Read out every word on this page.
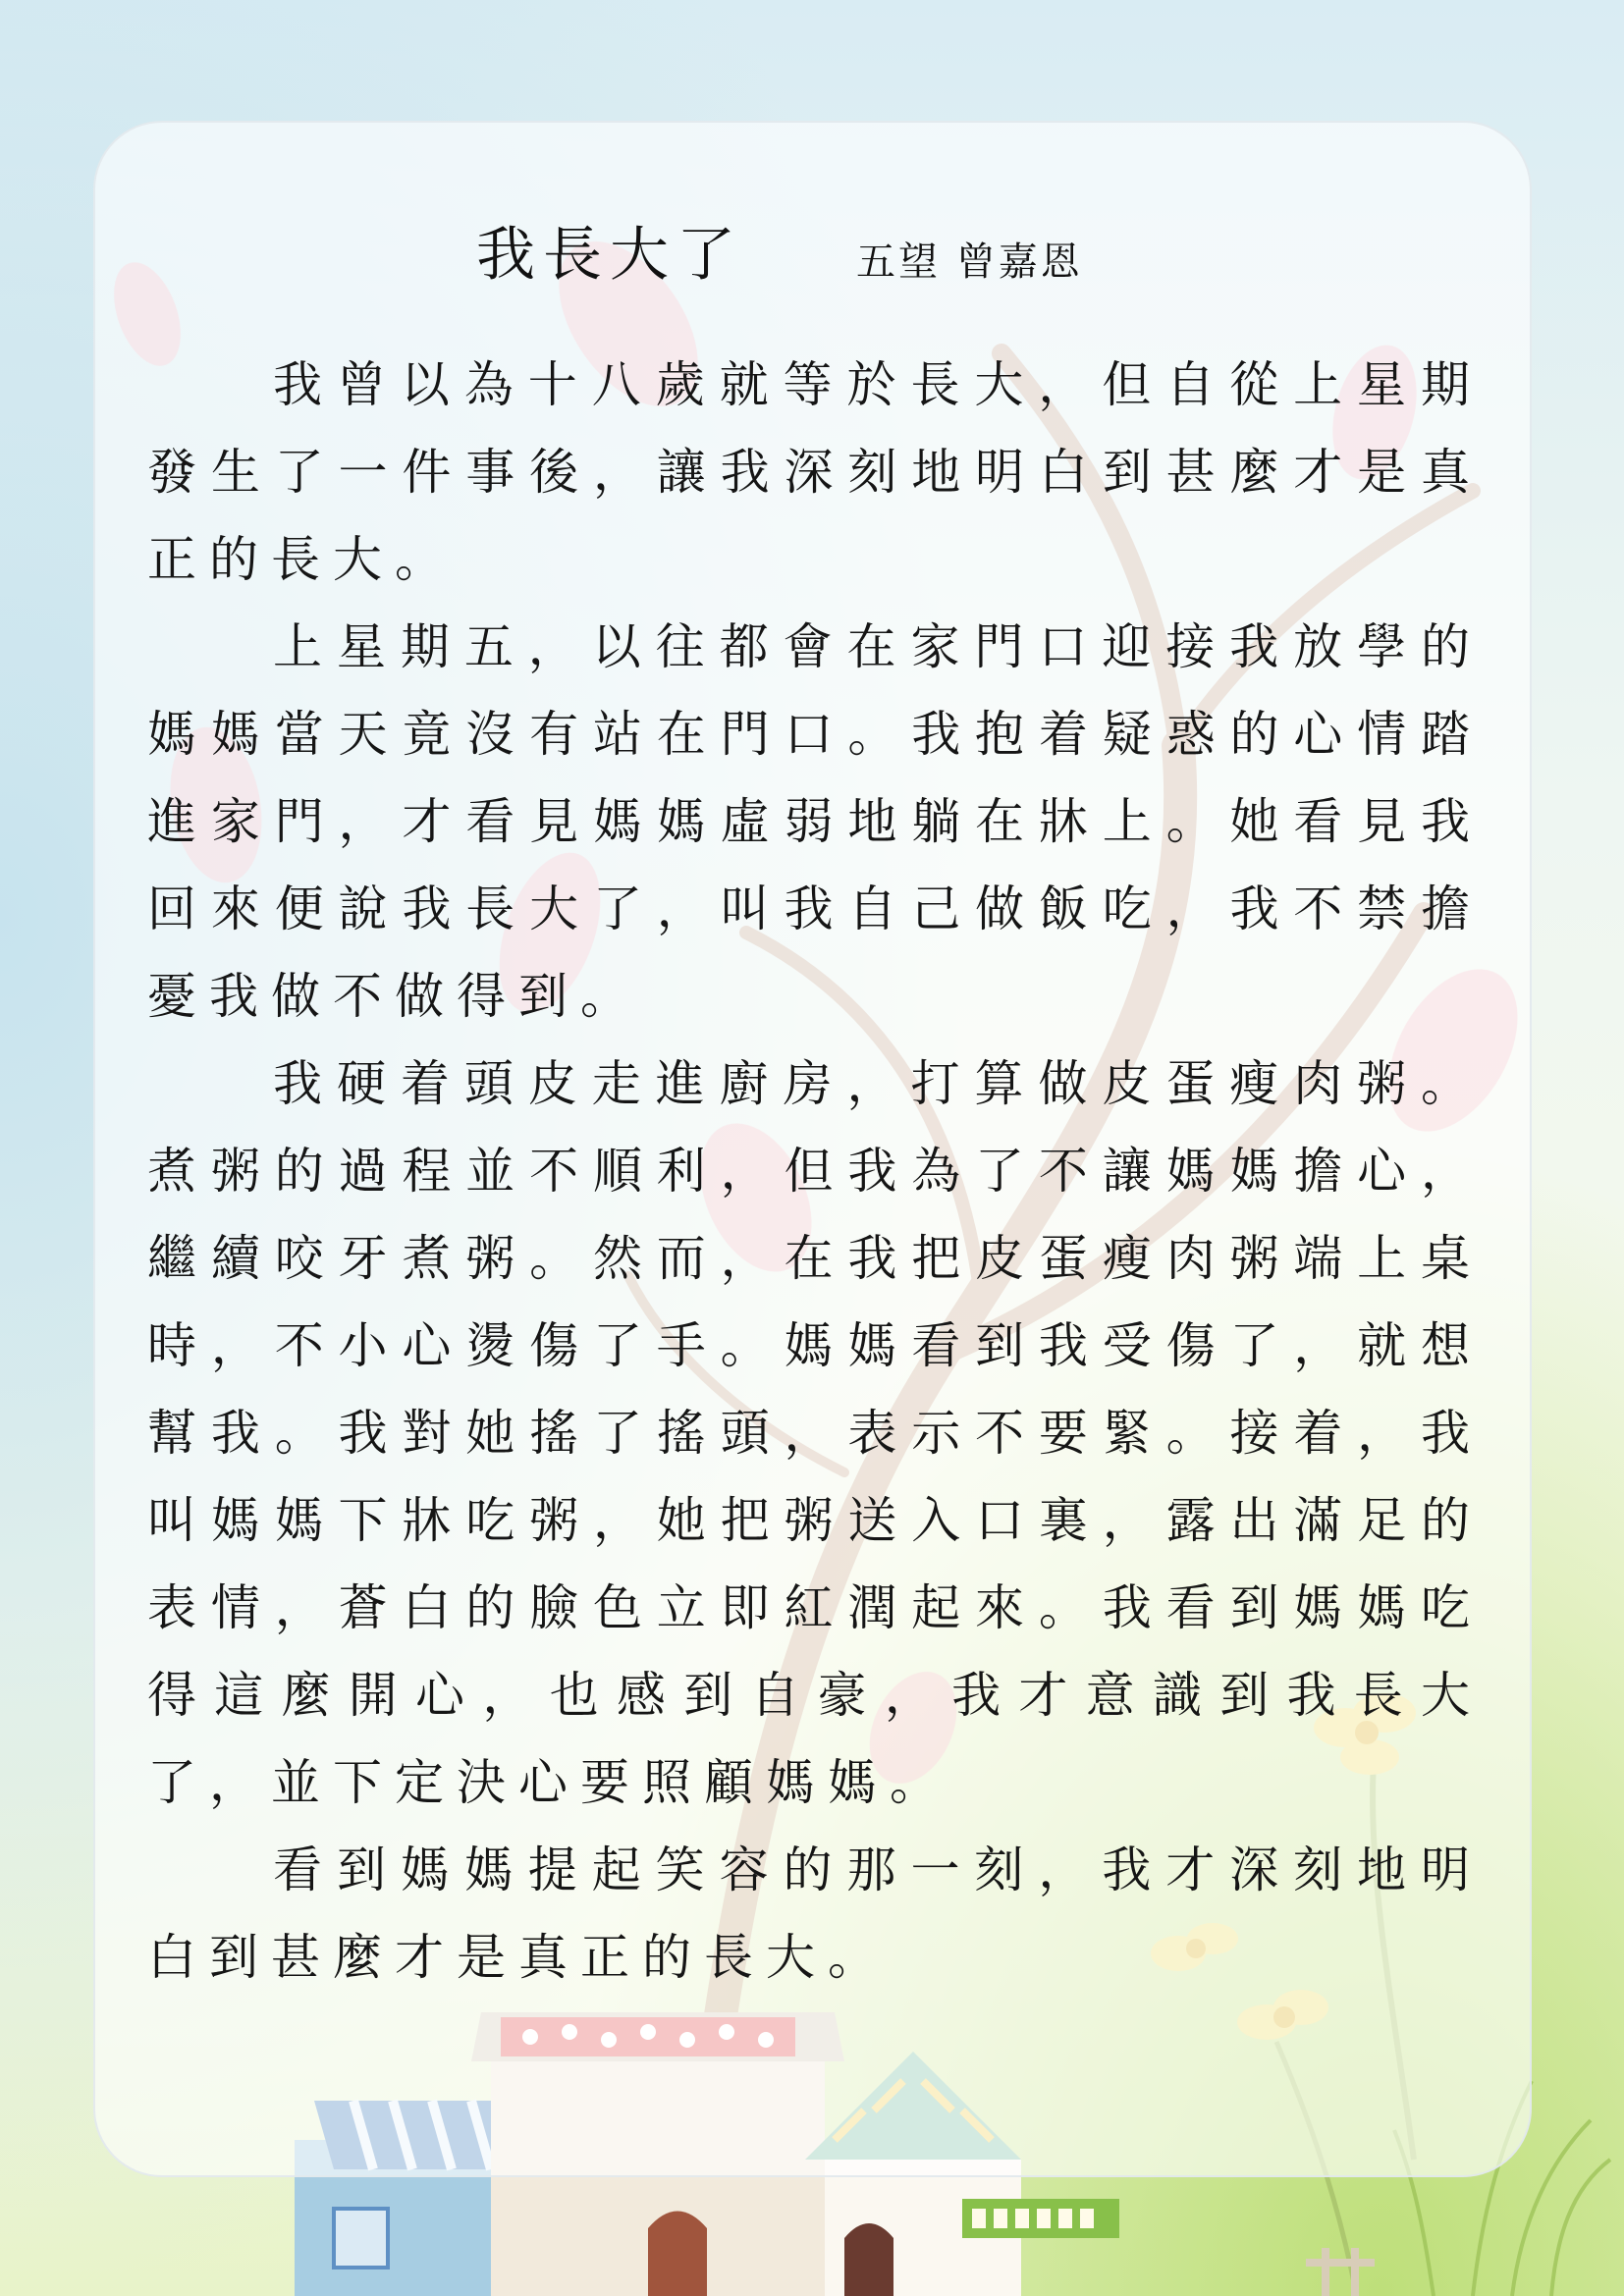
我長大了	五望 曾嘉恩

我曾以為十八歲就等於長大，但自從上星期發生了一件事後，讓我深刻地明白到甚麼才是真正的長大。

上星期五，以往都會在家門口迎接我放學的媽媽當天竟沒有站在門口。我抱着疑惑的心情踏進家門，才看見媽媽虛弱地躺在牀上。她看見我回來便說我長大了，叫我自己做飯吃，我不禁擔憂我做不做得到。

我硬着頭皮走進廚房，打算做皮蛋瘦肉粥。煮粥的過程並不順利，但我為了不讓媽媽擔心，繼續咬牙煮粥。然而，在我把皮蛋瘦肉粥端上桌時，不小心燙傷了手。媽媽看到我受傷了，就想幫我。我對她搖了搖頭，表示不要緊。接着，我叫媽媽下牀吃粥，她把粥送入口裏，露出滿足的表情，蒼白的臉色立即紅潤起來。我看到媽媽吃得這麼開心，也感到自豪，我才意識到我長大了，並下定決心要照顧媽媽。

看到媽媽提起笑容的那一刻，我才深刻地明白到甚麼才是真正的長大。
